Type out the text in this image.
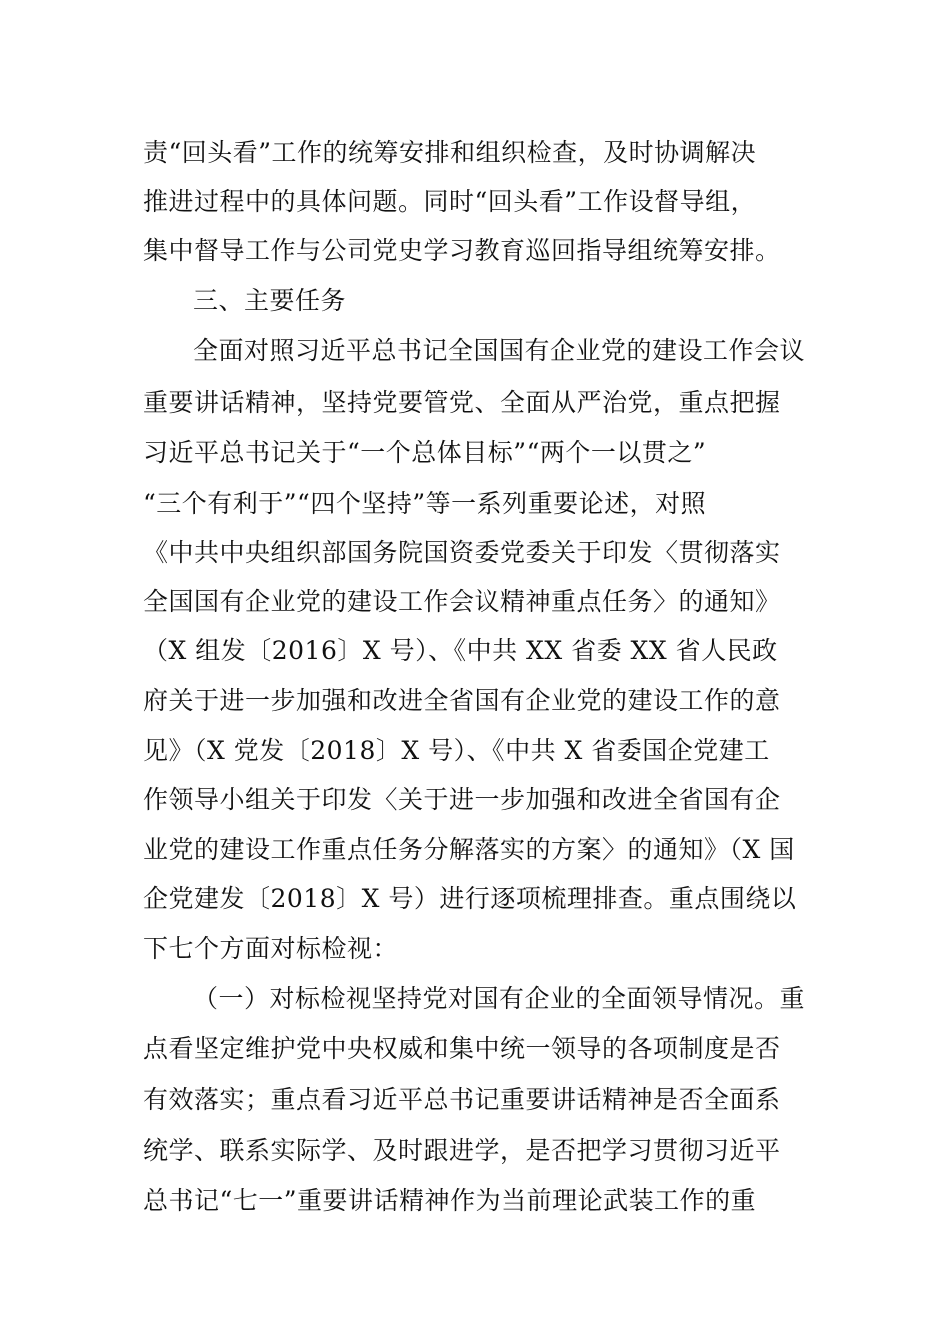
责“回头看”工作的统筹安排和组织检查，及时协调解决
推进过程中的具体问题。同时“回头看”工作设督导组，
集中督导工作与公司党史学习教育巡回指导组统筹安排。
三、主要任务
全面对照习近平总书记全国国有企业党的建设工作会议
重要讲话精神，坚持党要管党、全面从严治党，重点把握
习近平总书记关于“一个总体目标”“两个一以贯之”
“三个有利于”“四个坚持”等一系列重要论述，对照
《中共中央组织部国务院国资委党委关于印发〈贯彻落实
全国国有企业党的建设工作会议精神重点任务〉的通知》
（X 组发〔2016〕X 号）、《中共 XX 省委 XX 省人民政
府关于进一步加强和改进全省国有企业党的建设工作的意
见》（X 党发〔2018〕X 号）、《中共 X 省委国企党建工
作领导小组关于印发〈关于进一步加强和改进全省国有企
业党的建设工作重点任务分解落实的方案〉的通知》（X 国
企党建发〔2018〕X 号）进行逐项梳理排查。重点围绕以
下七个方面对标检视：
（一）对标检视坚持党对国有企业的全面领导情况。重
点看坚定维护党中央权威和集中统一领导的各项制度是否
有效落实；重点看习近平总书记重要讲话精神是否全面系
统学、联系实际学、及时跟进学，是否把学习贯彻习近平
总书记“七一”重要讲话精神作为当前理论武装工作的重
